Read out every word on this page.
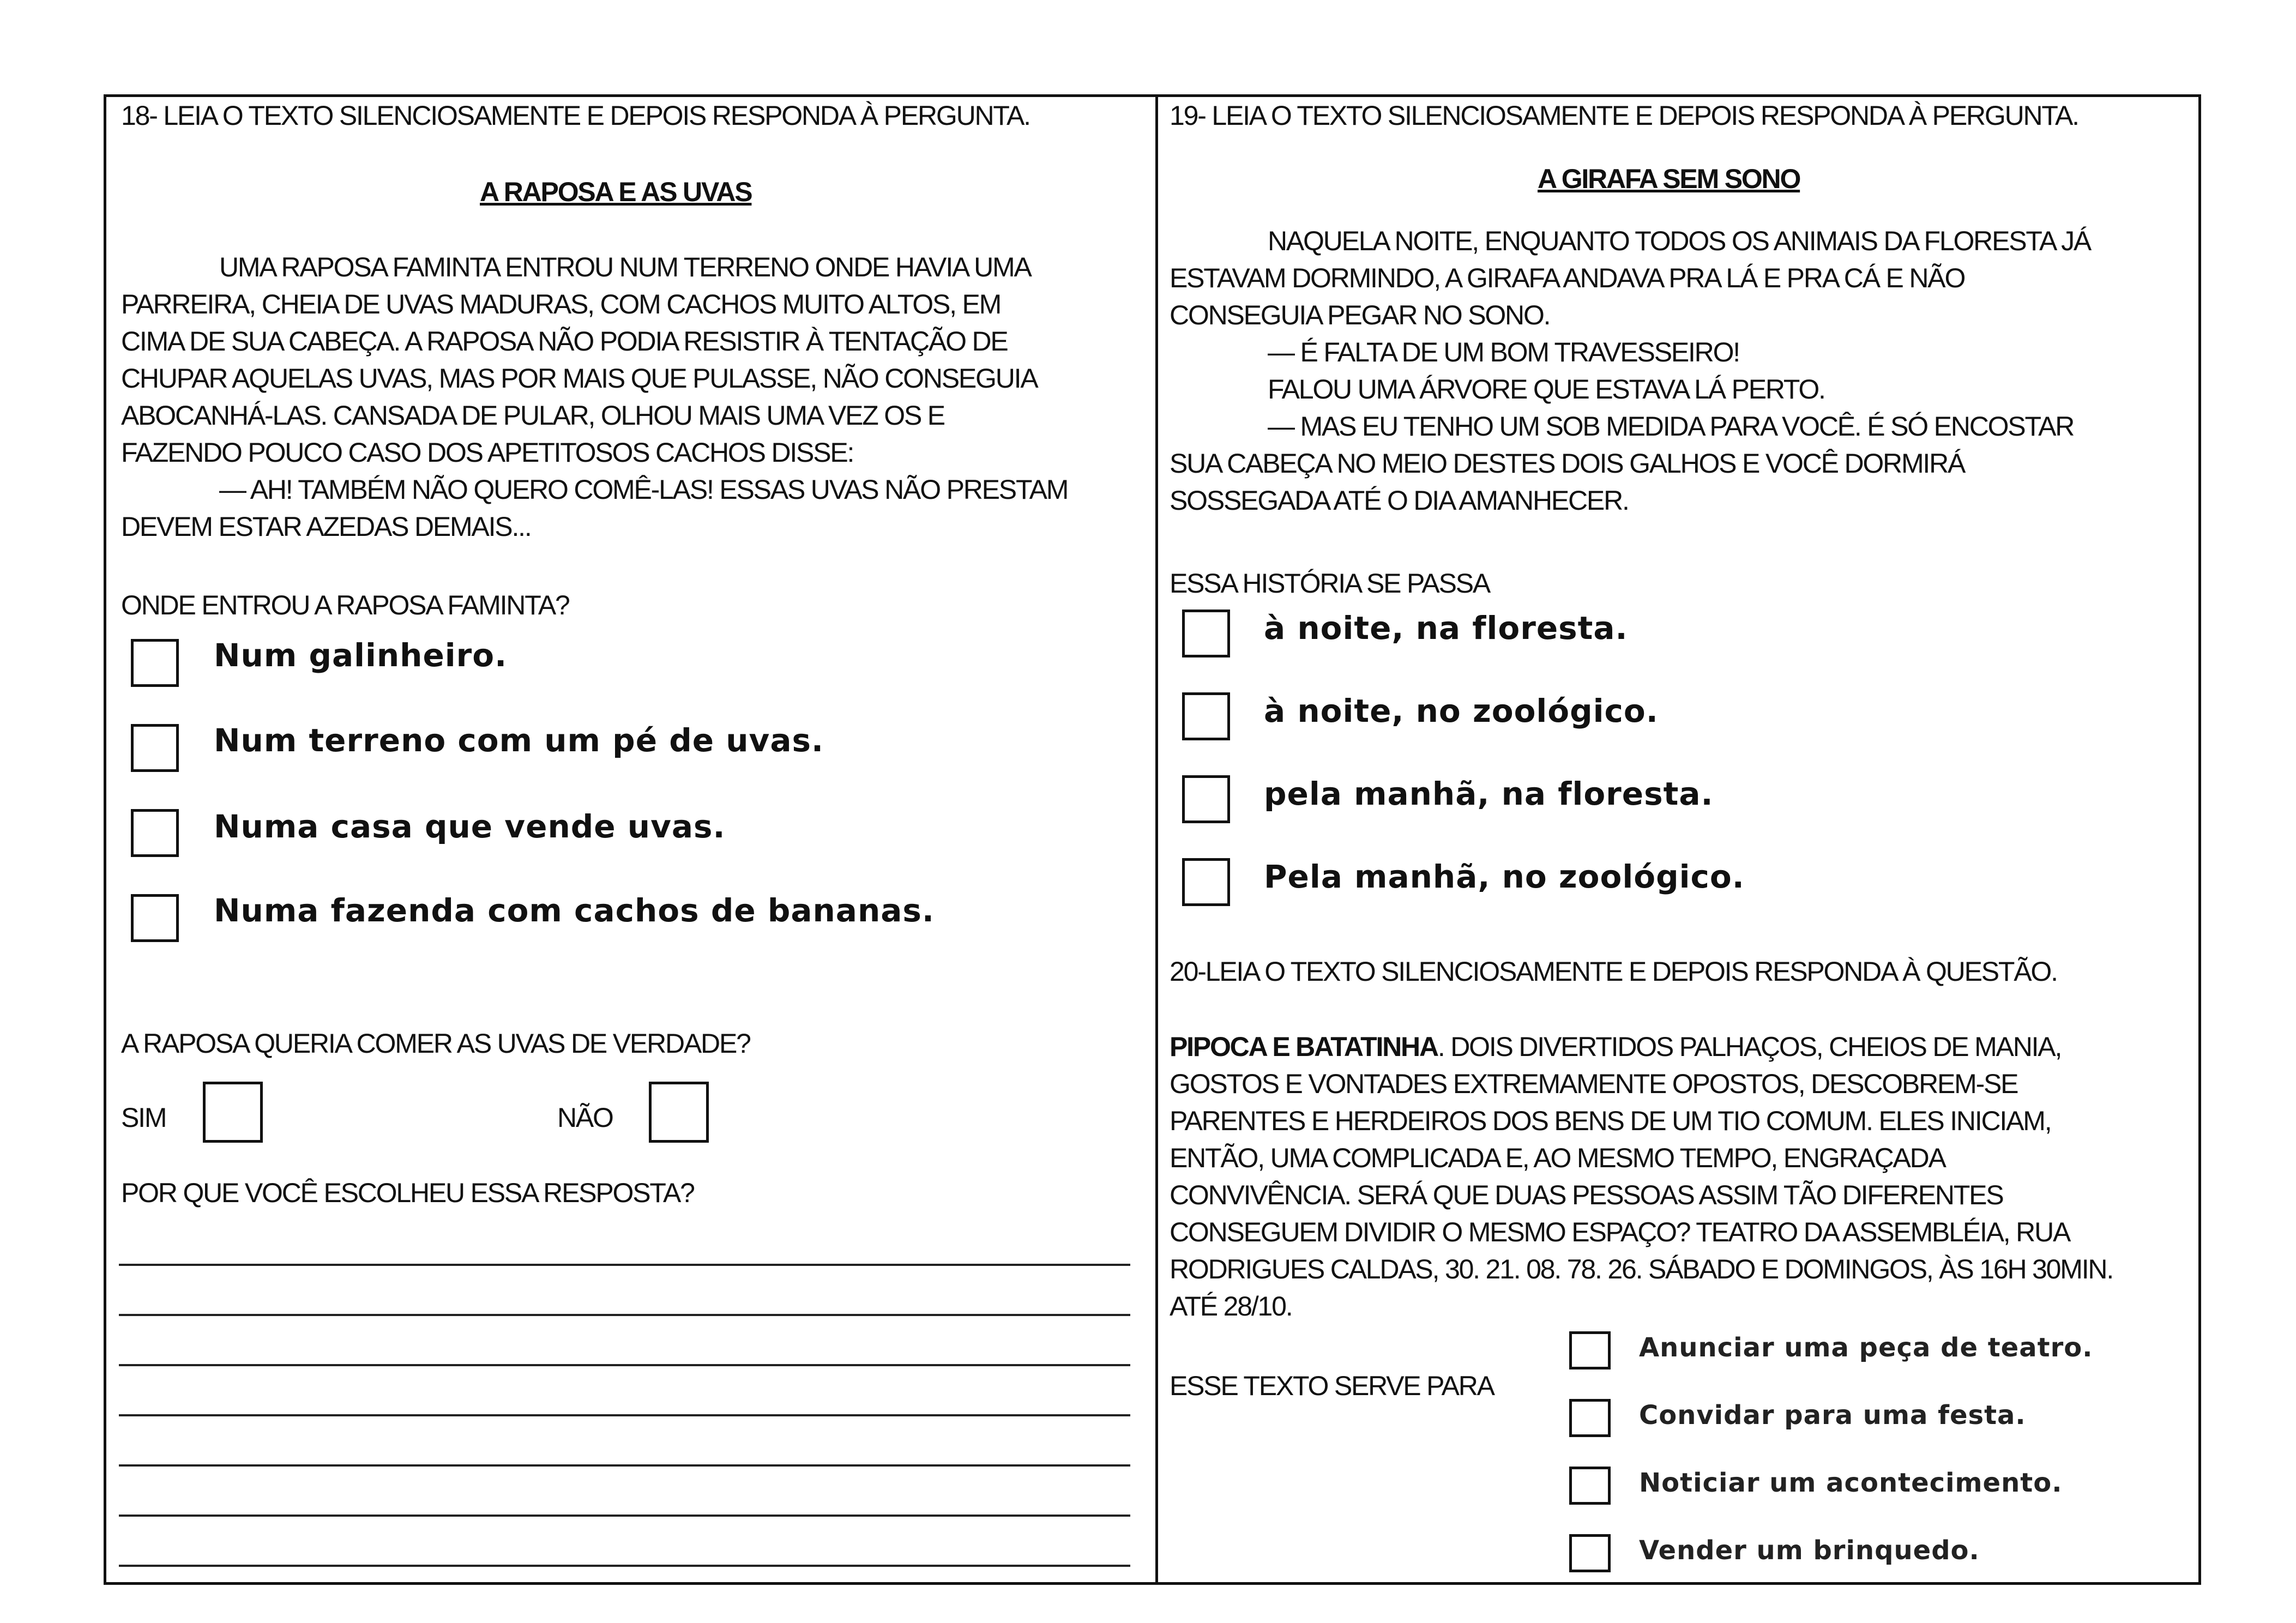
18- LEIA O TEXTO SILENCIOSAMENTE E DEPOIS RESPONDA À PERGUNTA.
A RAPOSA E AS UVAS
UMA RAPOSA FAMINTA ENTROU NUM TERRENO ONDE HAVIA UMA
PARREIRA, CHEIA DE UVAS MADURAS, COM CACHOS MUITO ALTOS, EM
CIMA DE SUA CABEÇA. A RAPOSA NÃO PODIA RESISTIR À TENTAÇÃO DE
CHUPAR AQUELAS UVAS, MAS POR MAIS QUE PULASSE, NÃO CONSEGUIA
ABOCANHÁ-LAS. CANSADA DE PULAR, OLHOU MAIS UMA VEZ OS E
FAZENDO POUCO CASO DOS APETITOSOS CACHOS DISSE:
— AH! TAMBÉM NÃO QUERO COMÊ-LAS! ESSAS UVAS NÃO PRESTAM
DEVEM ESTAR AZEDAS DEMAIS...
ONDE ENTROU A RAPOSA FAMINTA?
Num galinheiro.
Num terreno com um pé de uvas.
Numa casa que vende uvas.
Numa fazenda com cachos de bananas.
A RAPOSA QUERIA COMER AS UVAS DE VERDADE?
SIM	NÃO
POR QUE VOCÊ ESCOLHEU ESSA RESPOSTA?
19- LEIA O TEXTO SILENCIOSAMENTE E DEPOIS RESPONDA À PERGUNTA.
A GIRAFA SEM SONO
NAQUELA NOITE, ENQUANTO TODOS OS ANIMAIS DA FLORESTA JÁ
ESTAVAM DORMINDO, A GIRAFA ANDAVA PRA LÁ E PRA CÁ E NÃO
CONSEGUIA PEGAR NO SONO.
— É FALTA DE UM BOM TRAVESSEIRO!
FALOU UMA ÁRVORE QUE ESTAVA LÁ PERTO.
— MAS EU TENHO UM SOB MEDIDA PARA VOCÊ. É SÓ ENCOSTAR
SUA CABEÇA NO MEIO DESTES DOIS GALHOS E VOCÊ DORMIRÁ
SOSSEGADA ATÉ O DIA AMANHECER.
ESSA HISTÓRIA SE PASSA
à noite, na floresta.
à noite, no zoológico.
pela manhã, na floresta.
Pela manhã, no zoológico.
20-LEIA O TEXTO SILENCIOSAMENTE E DEPOIS RESPONDA À QUESTÃO.
PIPOCA E BATATINHA. DOIS DIVERTIDOS PALHAÇOS, CHEIOS DE MANIA,
GOSTOS E VONTADES EXTREMAMENTE OPOSTOS, DESCOBREM-SE
PARENTES E HERDEIROS DOS BENS DE UM TIO COMUM. ELES INICIAM,
ENTÃO, UMA COMPLICADA E, AO MESMO TEMPO, ENGRAÇADA
CONVIVÊNCIA. SERÁ QUE DUAS PESSOAS ASSIM TÃO DIFERENTES
CONSEGUEM DIVIDIR O MESMO ESPAÇO? TEATRO DA ASSEMBLÉIA, RUA
RODRIGUES CALDAS, 30. 21. 08. 78. 26. SÁBADO E DOMINGOS, ÀS 16H 30MIN.
ATÉ 28/10.
ESSE TEXTO SERVE PARA
Anunciar uma peça de teatro.
Convidar para uma festa.
Noticiar um acontecimento.
Vender um brinquedo.
